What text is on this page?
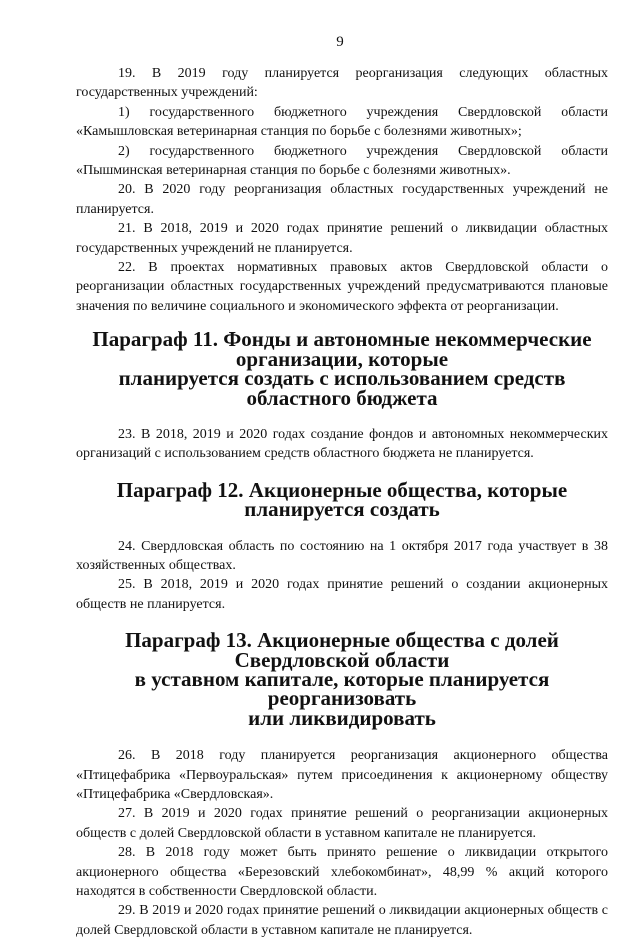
9

19. В 2019 году планируется реорганизация следующих областных государственных учреждений:

1) государственного бюджетного учреждения Свердловской области «Камышловская ветеринарная станция по борьбе с болезнями животных»;

2) государственного бюджетного учреждения Свердловской области «Пышминская ветеринарная станция по борьбе с болезнями животных».

20. В 2020 году реорганизация областных государственных учреждений не планируется.

21. В 2018, 2019 и 2020 годах принятие решений о ликвидации областных государственных учреждений не планируется.

22. В проектах нормативных правовых актов Свердловской области о реорганизации областных государственных учреждений предусматриваются плановые значения по величине социального и экономического эффекта от реорганизации.

Параграф 11. Фонды и автономные некоммерческие организации, которые
планируется создать с использованием средств областного бюджета

23. В 2018, 2019 и 2020 годах создание фондов и автономных некоммерческих организаций с использованием средств областного бюджета не планируется.

Параграф 12. Акционерные общества, которые планируется создать

24. Свердловская область по состоянию на 1 октября 2017 года участвует в 38 хозяйственных обществах.

25. В 2018, 2019 и 2020 годах принятие решений о создании акционерных обществ не планируется.

Параграф 13. Акционерные общества с долей Свердловской области
в уставном капитале, которые планируется реорганизовать
или ликвидировать

26. В 2018 году планируется реорганизация акционерного общества «Птицефабрика «Первоуральская» путем присоединения к акционерному обществу «Птицефабрика «Свердловская».

27. В 2019 и 2020 годах принятие решений о реорганизации акционерных обществ с долей Свердловской области в уставном капитале не планируется.

28. В 2018 году может быть принято решение о ликвидации открытого акционерного общества «Березовский хлебокомбинат», 48,99 % акций которого находятся в собственности Свердловской области.

29. В 2019 и 2020 годах принятие решений о ликвидации акционерных обществ с долей Свердловской области в уставном капитале не планируется.
